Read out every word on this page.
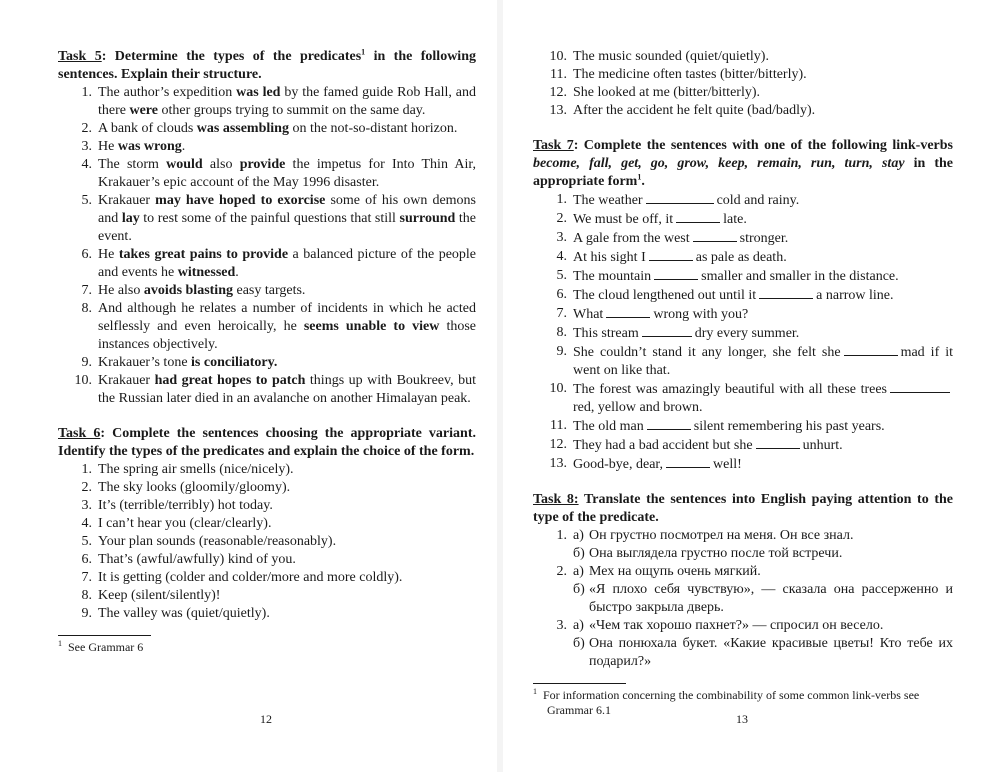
Task 5: Determine the types of the predicates$^1$ in the following sentences. Explain their structure.

1. The author’s expedition was led by the famed guide Rob Hall, and there were other groups trying to summit on the same day.
2. A bank of clouds was assembling on the not-so-distant horizon.
3. He was wrong.
4. The storm would also provide the impetus for Into Thin Air, Krakauer’s epic account of the May 1996 disaster.
5. Krakauer may have hoped to exorcise some of his own demons and lay to rest some of the painful questions that still surround the event.
6. He takes great pains to provide a balanced picture of the people and events he witnessed.
7. He also avoids blasting easy targets.
8. And although he relates a number of incidents in which he acted selflessly and even heroically, he seems unable to view those instances objectively.
9. Krakauer’s tone is conciliatory.
10. Krakauer had great hopes to patch things up with Boukreev, but the Russian later died in an avalanche on another Himalayan peak.

Task 6: Complete the sentences choosing the appropriate variant. Identify the types of the predicates and explain the choice of the form.

1. The spring air smells (nice/nicely).
2. The sky looks (gloomily/gloomy).
3. It’s (terrible/terribly) hot today.
4. I can’t hear you (clear/clearly).
5. Your plan sounds (reasonable/reasonably).
6. That’s (awful/awfully) kind of you.
7. It is getting (colder and colder/more and more coldly).
8. Keep (silent/silently)!
9. The valley was (quiet/quietly).

$^1$ See Grammar 6

12
10. The music sounded (quiet/quietly).
11. The medicine often tastes (bitter/bitterly).
12. She looked at me (bitter/bitterly).
13. After the accident he felt quite (bad/badly).

Task 7: Complete the sentences with one of the following link-verbs become, fall, get, go, grow, keep, remain, run, turn, stay in the appropriate form$^1$.

1. The weather	cold and rainy.
2. We must be off, it	late.
3. A gale from the west	stronger.
4. At his sight I	as pale as death.
5. The mountain	smaller and smaller in the distance.
6. The cloud lengthened out until it	a narrow line.
7. What	wrong with you?
8. This stream	dry every summer.
9. She couldn’t stand it any longer, she felt she	mad if it went on like that.
10. The forest was amazingly beautiful with all these treesred, yellow and brown.
11. The old man	silent remembering his past years.
12. They had a bad accident but she	unhurt.
13. Good-bye, dear,	well!

Task 8: Translate the sentences into English paying attention to the type of the predicate.

1. а) Он грустно посмотрел на меня. Он все знал.
б) Она выглядела грустно после той встречи.
2. а) Мех на ощупь очень мягкий.
б) «Я плохо себя чувствую», — сказала она рассерженно и быстро закрыла дверь.
3. а) «Чем так хорошо пахнет?» — спросил он весело.
б) Она понюхала букет. «Какие красивые цветы! Кто тебе их подарил?»

$^1$ For information concerning the combinability of some common link-verbs see Grammar 6.1

13
